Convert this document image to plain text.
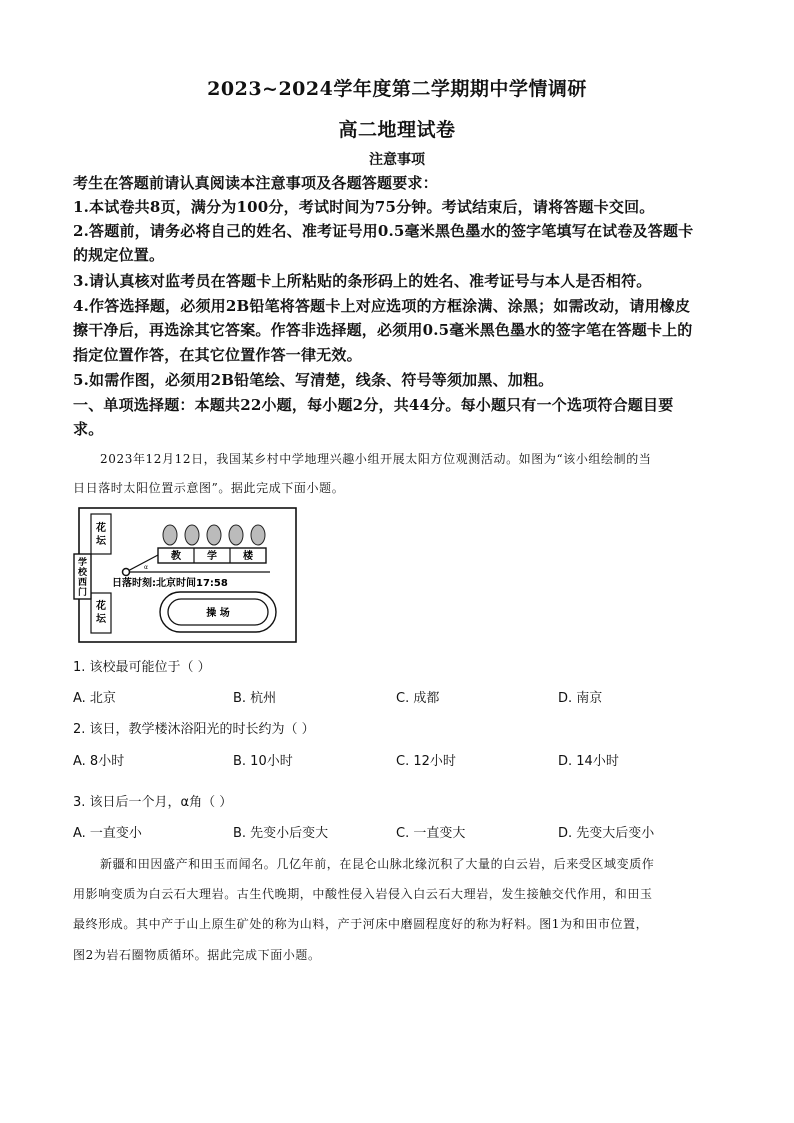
2023~2024学年度第二学期期中学情调研
高二地理试卷
注意事项
考生在答题前请认真阅读本注意事项及各题答题要求：
1.本试卷共8页，满分为100分，考试时间为75分钟。考试结束后，请将答题卡交回。
2.答题前，请务必将自己的姓名、准考证号用0.5毫米黑色墨水的签字笔填写在试卷及答题卡
的规定位置。
3.请认真核对监考员在答题卡上所粘贴的条形码上的姓名、准考证号与本人是否相符。
4.作答选择题，必须用2B铅笔将答题卡上对应选项的方框涂满、涂黑；如需改动，请用橡皮
擦干净后，再选涂其它答案。作答非选择题，必须用0.5毫米黑色墨水的签字笔在答题卡上的
指定位置作答，在其它位置作答一律无效。
5.如需作图，必须用2B铅笔绘、写清楚，线条、符号等须加黑、加粗。
一、单项选择题：本题共22小题，每小题2分，共44分。每小题只有一个选项符合题目要
求。
2023年12月12日，我国某乡村中学地理兴趣小组开展太阳方位观测活动。如图为“该小组绘制的当
日日落时太阳位置示意图”。据此完成下面小题。
花坛
花坛
学校西门
教	学	楼
α
日落时刻:北京时间17:58
操 场
1. 该校最可能位于（ ）
A. 北京	B. 杭州	C. 成都	D. 南京
2. 该日，教学楼沐浴阳光的时长约为（ ）
A. 8小时	B. 10小时	C. 12小时	D. 14小时
3. 该日后一个月，α角（ ）
A. 一直变小	B. 先变小后变大	C. 一直变大	D. 先变大后变小
新疆和田因盛产和田玉而闻名。几亿年前，在昆仑山脉北缘沉积了大量的白云岩，后来受区域变质作
用影响变质为白云石大理岩。古生代晚期，中酸性侵入岩侵入白云石大理岩，发生接触交代作用，和田玉
最终形成。其中产于山上原生矿处的称为山料，产于河床中磨圆程度好的称为籽料。图1为和田市位置，
图2为岩石圈物质循环。据此完成下面小题。
